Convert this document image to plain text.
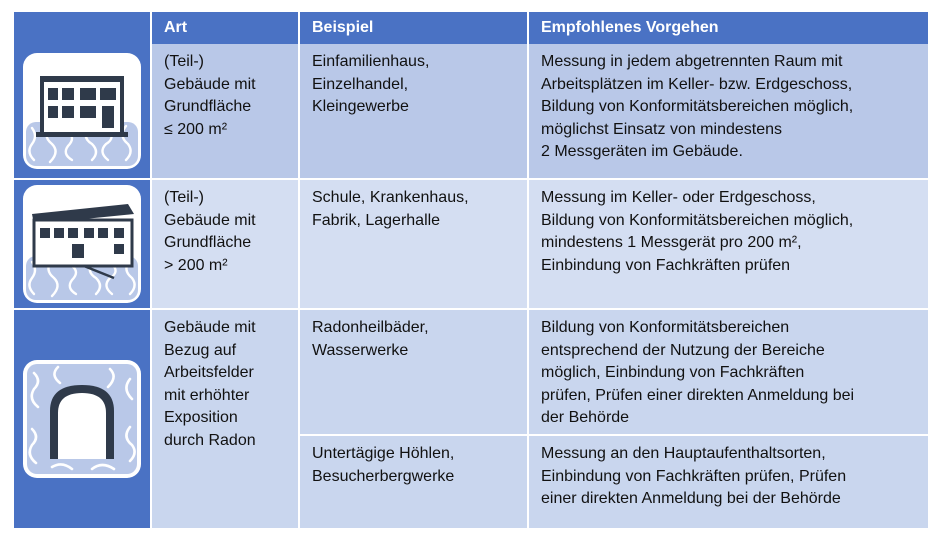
Art	Beispiel	Empfohlenes Vorgehen
(Teil-)
Gebäude mit
Grundfläche
≤ 200 m²
Einfamilienhaus,
Einzelhandel,
Kleingewerbe
Messung in jedem abgetrennten Raum mit
Arbeitsplätzen im Keller- bzw. Erdgeschoss,
Bildung von Konformitätsbereichen möglich,
möglichst Einsatz von mindestens
2 Messgeräten im Gebäude.
(Teil-)
Gebäude mit
Grundfläche
> 200 m²
Schule, Krankenhaus,
Fabrik, Lagerhalle
Messung im Keller- oder Erdgeschoss,
Bildung von Konformitätsbereichen möglich,
mindestens 1 Messgerät pro 200 m²,
Einbindung von Fachkräften prüfen
Gebäude mit
Bezug auf
Arbeitsfelder
mit erhöhter
Exposition
durch Radon
Radonheilbäder,
Wasserwerke
Bildung von Konformitätsbereichen
entsprechend der Nutzung der Bereiche
möglich, Einbindung von Fachkräften
prüfen, Prüfen einer direkten Anmeldung bei
der Behörde
Untertägige Höhlen,
Besucherbergwerke
Messung an den Hauptaufenthaltsorten,
Einbindung von Fachkräften prüfen, Prüfen
einer direkten Anmeldung bei der Behörde
